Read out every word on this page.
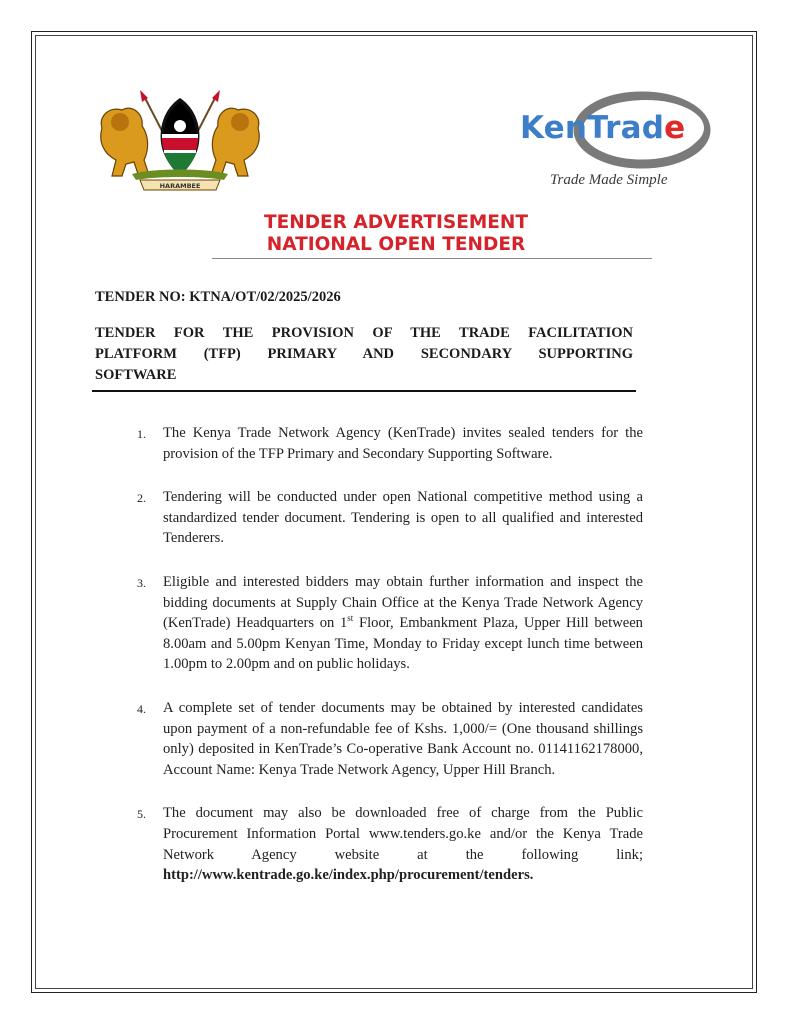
HARAMBEE
KenTrade
Trade Made Simple
TENDER ADVERTISEMENT
NATIONAL OPEN TENDER
TENDER NO: KTNA/OT/02/2025/2026
TENDER FOR THE PROVISION OF THE TRADE FACILITATION
PLATFORM (TFP) PRIMARY AND SECONDARY SUPPORTING
SOFTWARE
1. The Kenya Trade Network Agency (KenTrade) invites sealed tenders for the provision of the TFP Primary and Secondary Supporting Software.
2. Tendering will be conducted under open National competitive method using a standardized tender document. Tendering is open to all qualified and interested Tenderers.
3. Eligible and interested bidders may obtain further information and inspect the bidding documents at Supply Chain Office at the Kenya Trade Network Agency (KenTrade) Headquarters on 1st Floor, Embankment Plaza, Upper Hill between 8.00am and 5.00pm Kenyan Time, Monday to Friday except lunch time between 1.00pm to 2.00pm and on public holidays.
4. A complete set of tender documents may be obtained by interested candidates upon payment of a non-refundable fee of Kshs. 1,000/= (One thousand shillings only) deposited in KenTrade’s Co-operative Bank Account no. 01141162178000, Account Name: Kenya Trade Network Agency, Upper Hill Branch.
5. The document may also be downloaded free of charge from the Public Procurement Information Portal www.tenders.go.ke and/or the Kenya Trade Network Agency website at the following link; http://www.kentrade.go.ke/index.php/procurement/tenders.
